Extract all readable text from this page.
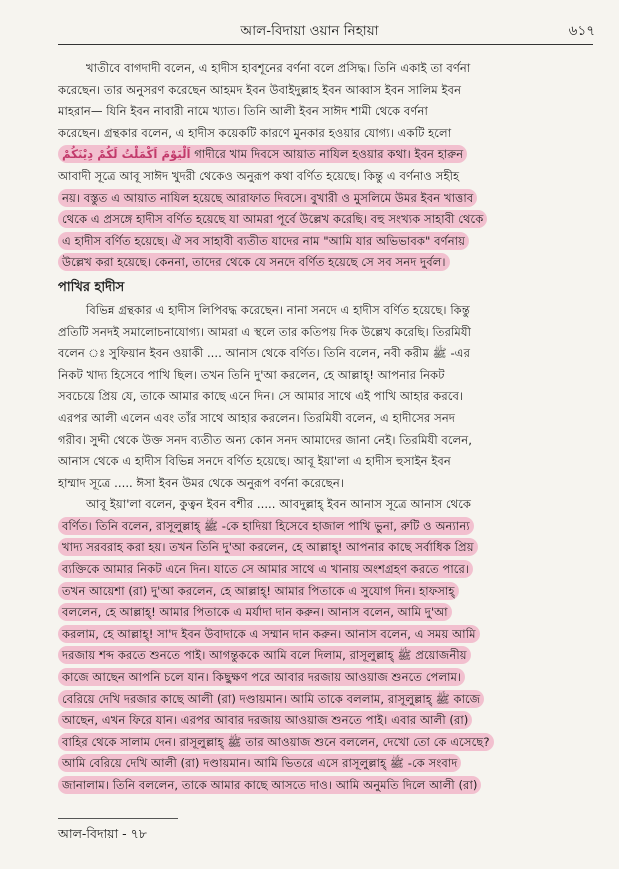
আল-বিদায়া ওয়ান নিহায়া	৬১৭
খাতীবে বাগদাদী বলেন, এ হাদীস হাবশূনের বর্ণনা বলে প্রসিদ্ধ। তিনি একাই তা বর্ণনা
করেছেন। তার অনুসরণ করেছেন আহমদ ইবন উবাইদুল্লাহ ইবন আব্বাস ইবন সালিম ইবন
মাহরান— যিনি ইবন নাবারী নামে খ্যাত। তিনি আলী ইবন সাঈদ শামী থেকে বর্ণনা
করেছেন। গ্রন্থকার বলেন, এ হাদীস কয়েকটি কারণে মুনকার হওয়ার যোগ্য। একটি হলো
اَلْيَوْمَ اَكْمَلْتُ لَكُمْ دِيْنَكُمْ গাদীরে খাম দিবসে আয়াত নাযিল হওয়ার কথা। ইবন হারুন
আবাদী সূত্রে আবূ সাঈদ খুদরী থেকেও অনুরূপ কথা বর্ণিত হয়েছে। কিন্তু এ বর্ণনাও সহীহ
নয়। বস্তুত এ আয়াত নাযিল হয়েছে আরাফাত দিবসে। বুখারী ও মুসলিমে উমর ইবন খাত্তাব
থেকে এ প্রসঙ্গে হাদীস বর্ণিত হয়েছে যা আমরা পূর্বে উল্লেখ করেছি। বহু সংখ্যক সাহাবী থেকে
এ হাদীস বর্ণিত হয়েছে। ঐ সব সাহাবী ব্যতীত যাদের নাম "আমি যার অভিভাবক" বর্ণনায়
উল্লেখ করা হয়েছে। কেননা, তাদের থেকে যে সনদে বর্ণিত হয়েছে সে সব সনদ দুর্বল।
পাখির হাদীস
বিভিন্ন গ্রন্থকার এ হাদীস লিপিবদ্ধ করেছেন। নানা সনদে এ হাদীস বর্ণিত হয়েছে। কিন্তু
প্রতিটি সনদই সমালোচনাযোগ্য। আমরা এ স্থলে তার কতিপয় দিক উল্লেখ করেছি। তিরমিযী
বলেন ঃ সুফিয়ান ইবন ওয়াকী .... আনাস থেকে বর্ণিত। তিনি বলেন, নবী করীম ﷺ -এর
নিকট খাদ্য হিসেবে পাখি ছিল। তখন তিনি দু'আ করলেন, হে আল্লাহ্! আপনার নিকট
সবচেয়ে প্রিয় যে, তাকে আমার কাছে এনে দিন। সে আমার সাথে এই পাখি আহার করবে।
এরপর আলী এলেন এবং তাঁর সাথে আহার করলেন। তিরমিযী বলেন, এ হাদীসের সনদ
গরীব। সুদ্দী থেকে উক্ত সনদ ব্যতীত অন্য কোন সনদ আমাদের জানা নেই। তিরমিযী বলেন,
আনাস থেকে এ হাদীস বিভিন্ন সনদে বর্ণিত হয়েছে। আবূ ইয়া'লা এ হাদীস হুসাইন ইবন
হাম্মাদ সূত্রে ..... ঈসা ইবন উমর থেকে অনুরূপ বর্ণনা করেছেন।
আবূ ইয়া'লা বলেন, কুত্বন ইবন বশীর ..... আবদুল্লাহ্ ইবন আনাস সূত্রে আনাস থেকে
বর্ণিত। তিনি বলেন, রাসূলুল্লাহ্ ﷺ -কে হাদিয়া হিসেবে হাজাল পাখি ভুনা, রুটি ও অন্যান্য
খাদ্য সরবরাহ করা হয়। তখন তিনি দু'আ করলেন, হে আল্লাহ্! আপনার কাছে সর্বাধিক প্রিয়
ব্যক্তিকে আমার নিকট এনে দিন। যাতে সে আমার সাথে এ খানায় অংশগ্রহণ করতে পারে।
তখন আয়েশা (রা) দু'আ করলেন, হে আল্লাহ্! আমার পিতাকে এ সুযোগ দিন। হাফসাহ্
বললেন, হে আল্লাহ্! আমার পিতাকে এ মর্যাদা দান করুন। আনাস বলেন, আমি দু'আ
করলাম, হে আল্লাহ্! সা'দ ইবন উবাদাকে এ সম্মান দান করুন। আনাস বলেন, এ সময় আমি
দরজায় শব্দ করতে শুনতে পাই। আগন্তুককে আমি বলে দিলাম, রাসূলুল্লাহ্ ﷺ প্রয়োজনীয়
কাজে আছেন আপনি চলে যান। কিছুক্ষণ পরে আবার দরজায় আওয়াজ শুনতে পেলাম।
বেরিয়ে দেখি দরজার কাছে আলী (রা) দণ্ডায়মান। আমি তাকে বললাম, রাসূলুল্লাহ্ ﷺ কাজে
আছেন, এখন ফিরে যান। এরপর আবার দরজায় আওয়াজ শুনতে পাই। এবার আলী (রা)
বাহির থেকে সালাম দেন। রাসূলুল্লাহ্ ﷺ তার আওয়াজ শুনে বললেন, দেখো তো কে এসেছে?
আমি বেরিয়ে দেখি আলী (রা) দণ্ডায়মান। আমি ভিতরে এসে রাসূলুল্লাহ্ ﷺ -কে সংবাদ
জানালাম। তিনি বললেন, তাকে আমার কাছে আসতে দাও। আমি অনুমতি দিলে আলী (রা)
আল-বিদায়া - ৭৮
